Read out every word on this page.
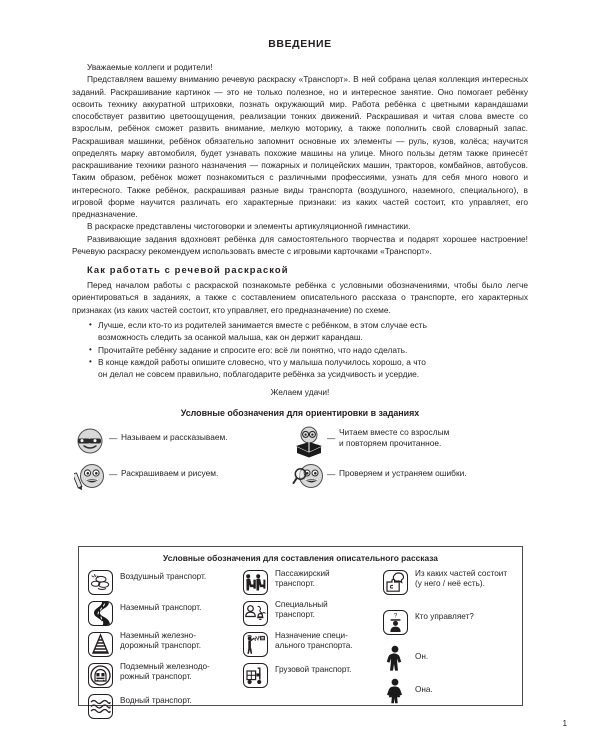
ВВЕДЕНИЕ

Уважаемые коллеги и родители!

Представляем вашему вниманию речевую раскраску «Транспорт». В ней собрана целая коллекция интересных заданий. Раскрашивание картинок — это не только полезное, но и интересное занятие. Оно помогает ребёнку освоить технику аккуратной штриховки, познать окружающий мир. Работа ребёнка с цветными карандашами способствует развитию цветоощущения, реализации тонких движений. Раскрашивая и читая слова вместе со взрослым, ребёнок сможет развить внимание, мелкую моторику, а также пополнить свой словарный запас. Раскрашивая машинки, ребёнок обязательно запомнит основные их элементы — руль, кузов, колёса; научится определять марку автомобиля, будет узнавать похожие машины на улице. Много пользы детям также принесёт раскрашивание техники разного назначения — пожарных и полицейских машин, тракторов, комбайнов, автобусов. Таким образом, ребёнок может познакомиться с различными профессиями, узнать для себя много нового и интересного. Также ребёнок, раскрашивая разные виды транспорта (воздушного, наземного, специального), в игровой форме научится различать его характерные признаки: из каких частей состоит, кто управляет, его предназначение.

В раскраске представлены чистоговорки и элементы артикуляционной гимнастики.

Развивающие задания вдохновят ребёнка для самостоятельного творчества и подарят хорошее настроение! Речевую раскраску рекомендуем использовать вместе с игровыми карточками «Транспорт».

Как работать с речевой раскраской

Перед началом работы с раскраской познакомьте ребёнка с условными обозначениями, чтобы было легче ориентироваться в заданиях, а также с составлением описательного рассказа о транспорте, его характерных признаках (из каких частей состоит, кто управляет, его предназначение) по схеме.

• Лучше, если кто-то из родителей занимается вместе с ребёнком, в этом случае есть
возможность следить за осанкой малыша, как он держит карандаш.
• Прочитайте ребёнку задание и спросите его: всё ли понятно, что надо сделать.
• В конце каждой работы опишите словесно, что у малыша получилось хорошо, а что
он делал не совсем правильно, поблагодарите ребёнка за усидчивость и усердие.
Желаем удачи!
Условные обозначения для ориентировки в заданиях
— Называем и рассказываем.	—
Читаем вместе со взрослым
и повторяем прочитанное.
— Раскрашиваем и рисуем.	— Проверяем и устраняем ошибки.
Условные обозначения для составления описательного рассказа
Воздушный транспорт.
Наземный транспорт.
Наземный железно-
дорожный транспорт.
Подземный железнодо-
рожный транспорт.
Водный транспорт.
Пассажирский
транспорт.
Специальный
транспорт.
Назначение специ-
ального транспорта.
Грузовой транспорт.
Из каких частей состоит
(у него / неё есть).
? Кто управляет?
Он.
Она.
1
